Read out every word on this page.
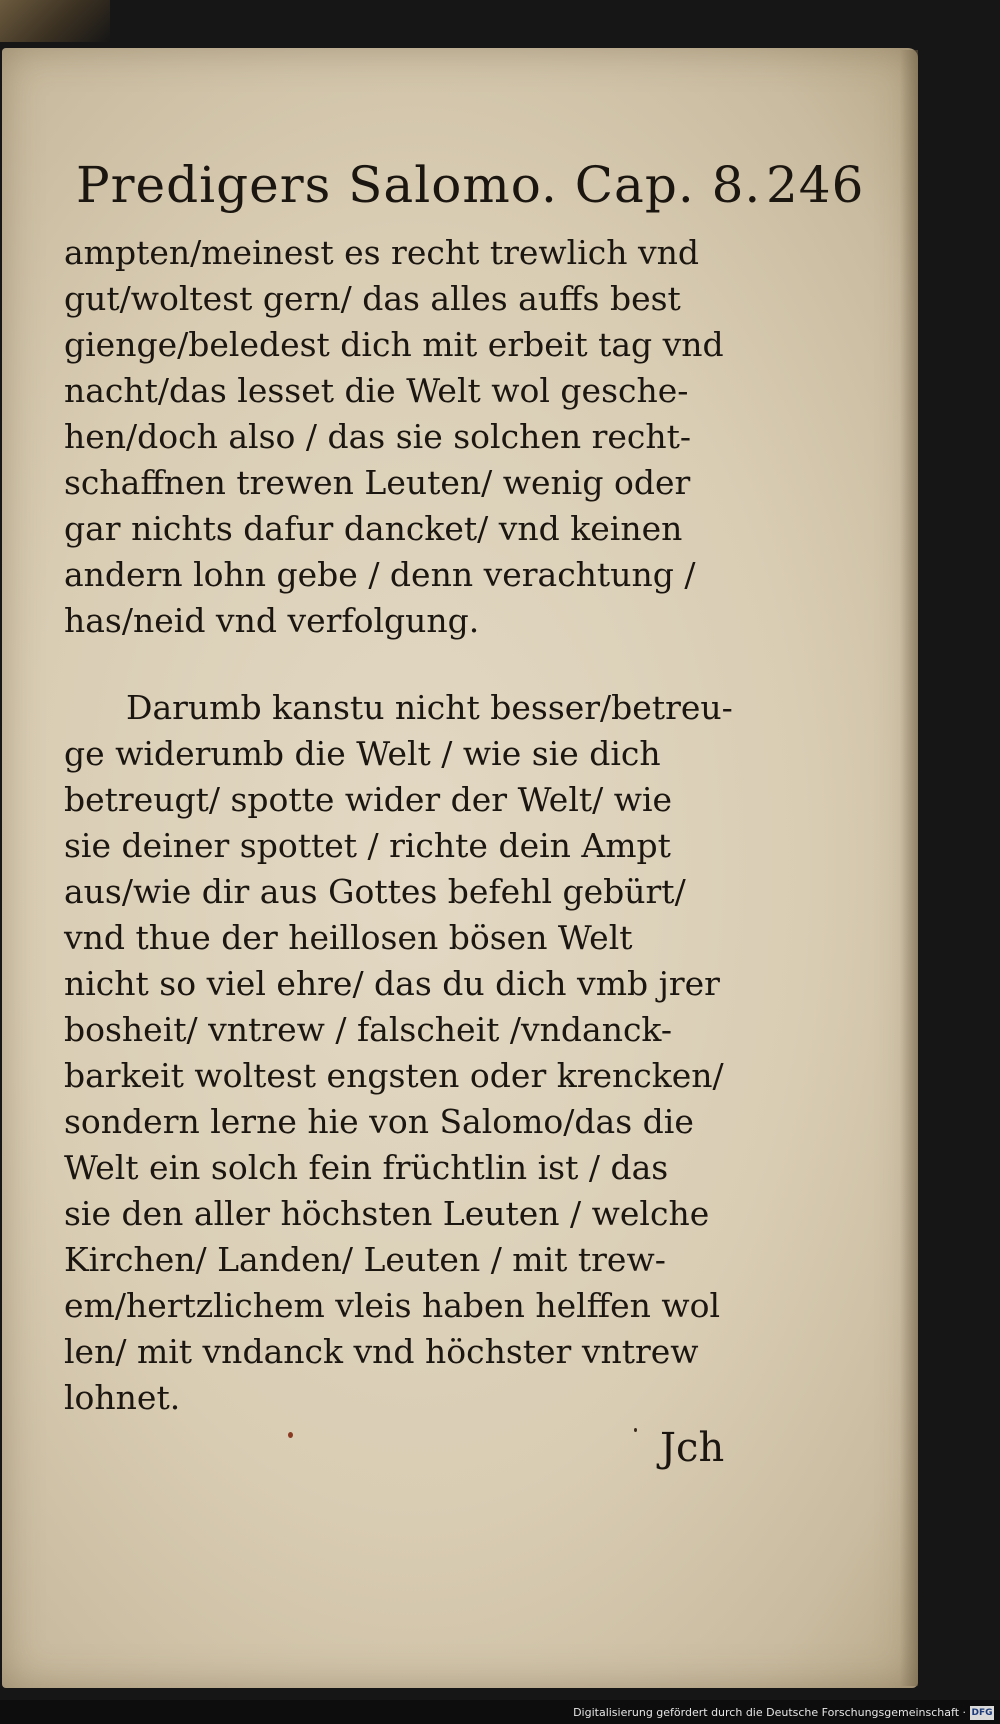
Predigers Salomo. Cap. 8. 246
ampten/meinest es recht trewlich vnd
gut/woltest gern/ das alles auffs best
gienge/beledest dich mit erbeit tag vnd
nacht/das lesset die Welt wol gesche-
hen/doch also / das sie solchen recht-
schaffnen trewen Leuten/ wenig oder
gar nichts dafur dancket/ vnd keinen
andern lohn gebe / denn verachtung /
has/neid vnd verfolgung.
Darumb kanstu nicht besser/betreu-
ge widerumb die Welt / wie sie dich
betreugt/ spotte wider der Welt/ wie
sie deiner spottet / richte dein Ampt
aus/wie dir aus Gottes befehl gebürt/
vnd thue der heillosen bösen Welt
nicht so viel ehre/ das du dich vmb jrer
bosheit/ vntrew / falscheit /vndanck-
barkeit woltest engsten oder krencken/
sondern lerne hie von Salomo/das die
Welt ein solch fein früchtlin ist / das
sie den aller höchsten Leuten / welche
Kirchen/ Landen/ Leuten / mit trew-
em/hertzlichem vleis haben helffen wol
len/ mit vndanck vnd höchster vntrew
lohnet.
Jch
Digitalisierung gefördert durch die Deutsche Forschungsgemeinschaft · DFG
